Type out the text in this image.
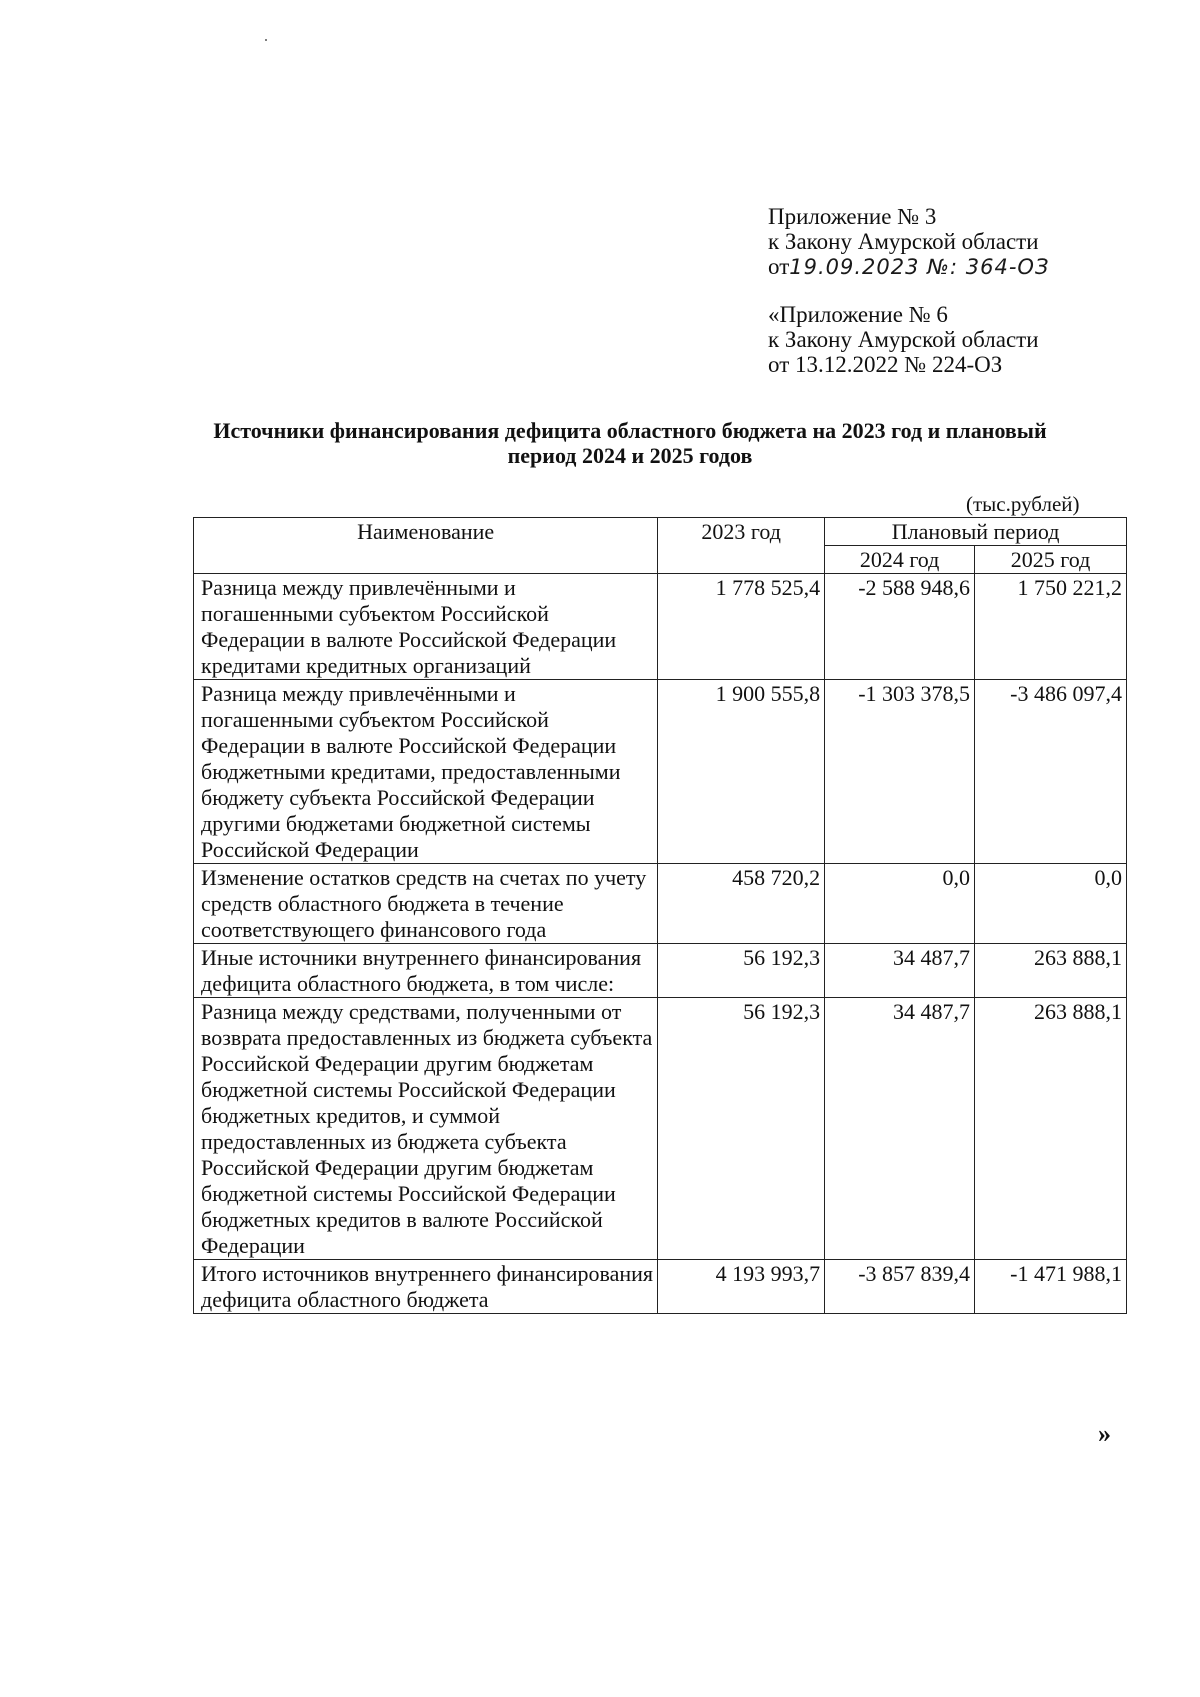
Приложение № 3
к Закону Амурской области
от19.09.2023 №: 364-ОЗ
«Приложение № 6
к Закону Амурской области
от 13.12.2022 № 224-ОЗ
Источники финансирования дефицита областного бюджета на 2023 год и плановый
период 2024 и 2025 годов
(тыс.рублей)
Наименование	2023 год	Плановый период	
		2024 год	2025 год
Разница между привлечёнными и погашенными субъектом Российской Федерации в валюте Российской Федерации кредитами кредитных организаций	1 778 525,4	-2 588 948,6	1 750 221,2
Разница между привлечёнными и погашенными субъектом Российской Федерации в валюте Российской Федерации бюджетными кредитами, предоставленными бюджету субъекта Российской Федерации другими бюджетами бюджетной системы Российской Федерации	1 900 555,8	-1 303 378,5	-3 486 097,4
Изменение остатков средств на счетах по учету средств областного бюджета в течение соответствующего финансового года	458 720,2	0,0	0,0
Иные источники внутреннего финансирования дефицита областного бюджета, в том числе:	56 192,3	34 487,7	263 888,1
Разница между средствами, полученными от возврата предоставленных из бюджета субъекта Российской Федерации другим бюджетам бюджетной системы Российской Федерации бюджетных кредитов, и суммой предоставленных из бюджета субъекта Российской Федерации другим бюджетам бюджетной системы Российской Федерации бюджетных кредитов в валюте Российской Федерации	56 192,3	34 487,7	263 888,1
Итого источников внутреннего финансирования дефицита областного бюджета	4 193 993,7	-3 857 839,4	-1 471 988,1
»
